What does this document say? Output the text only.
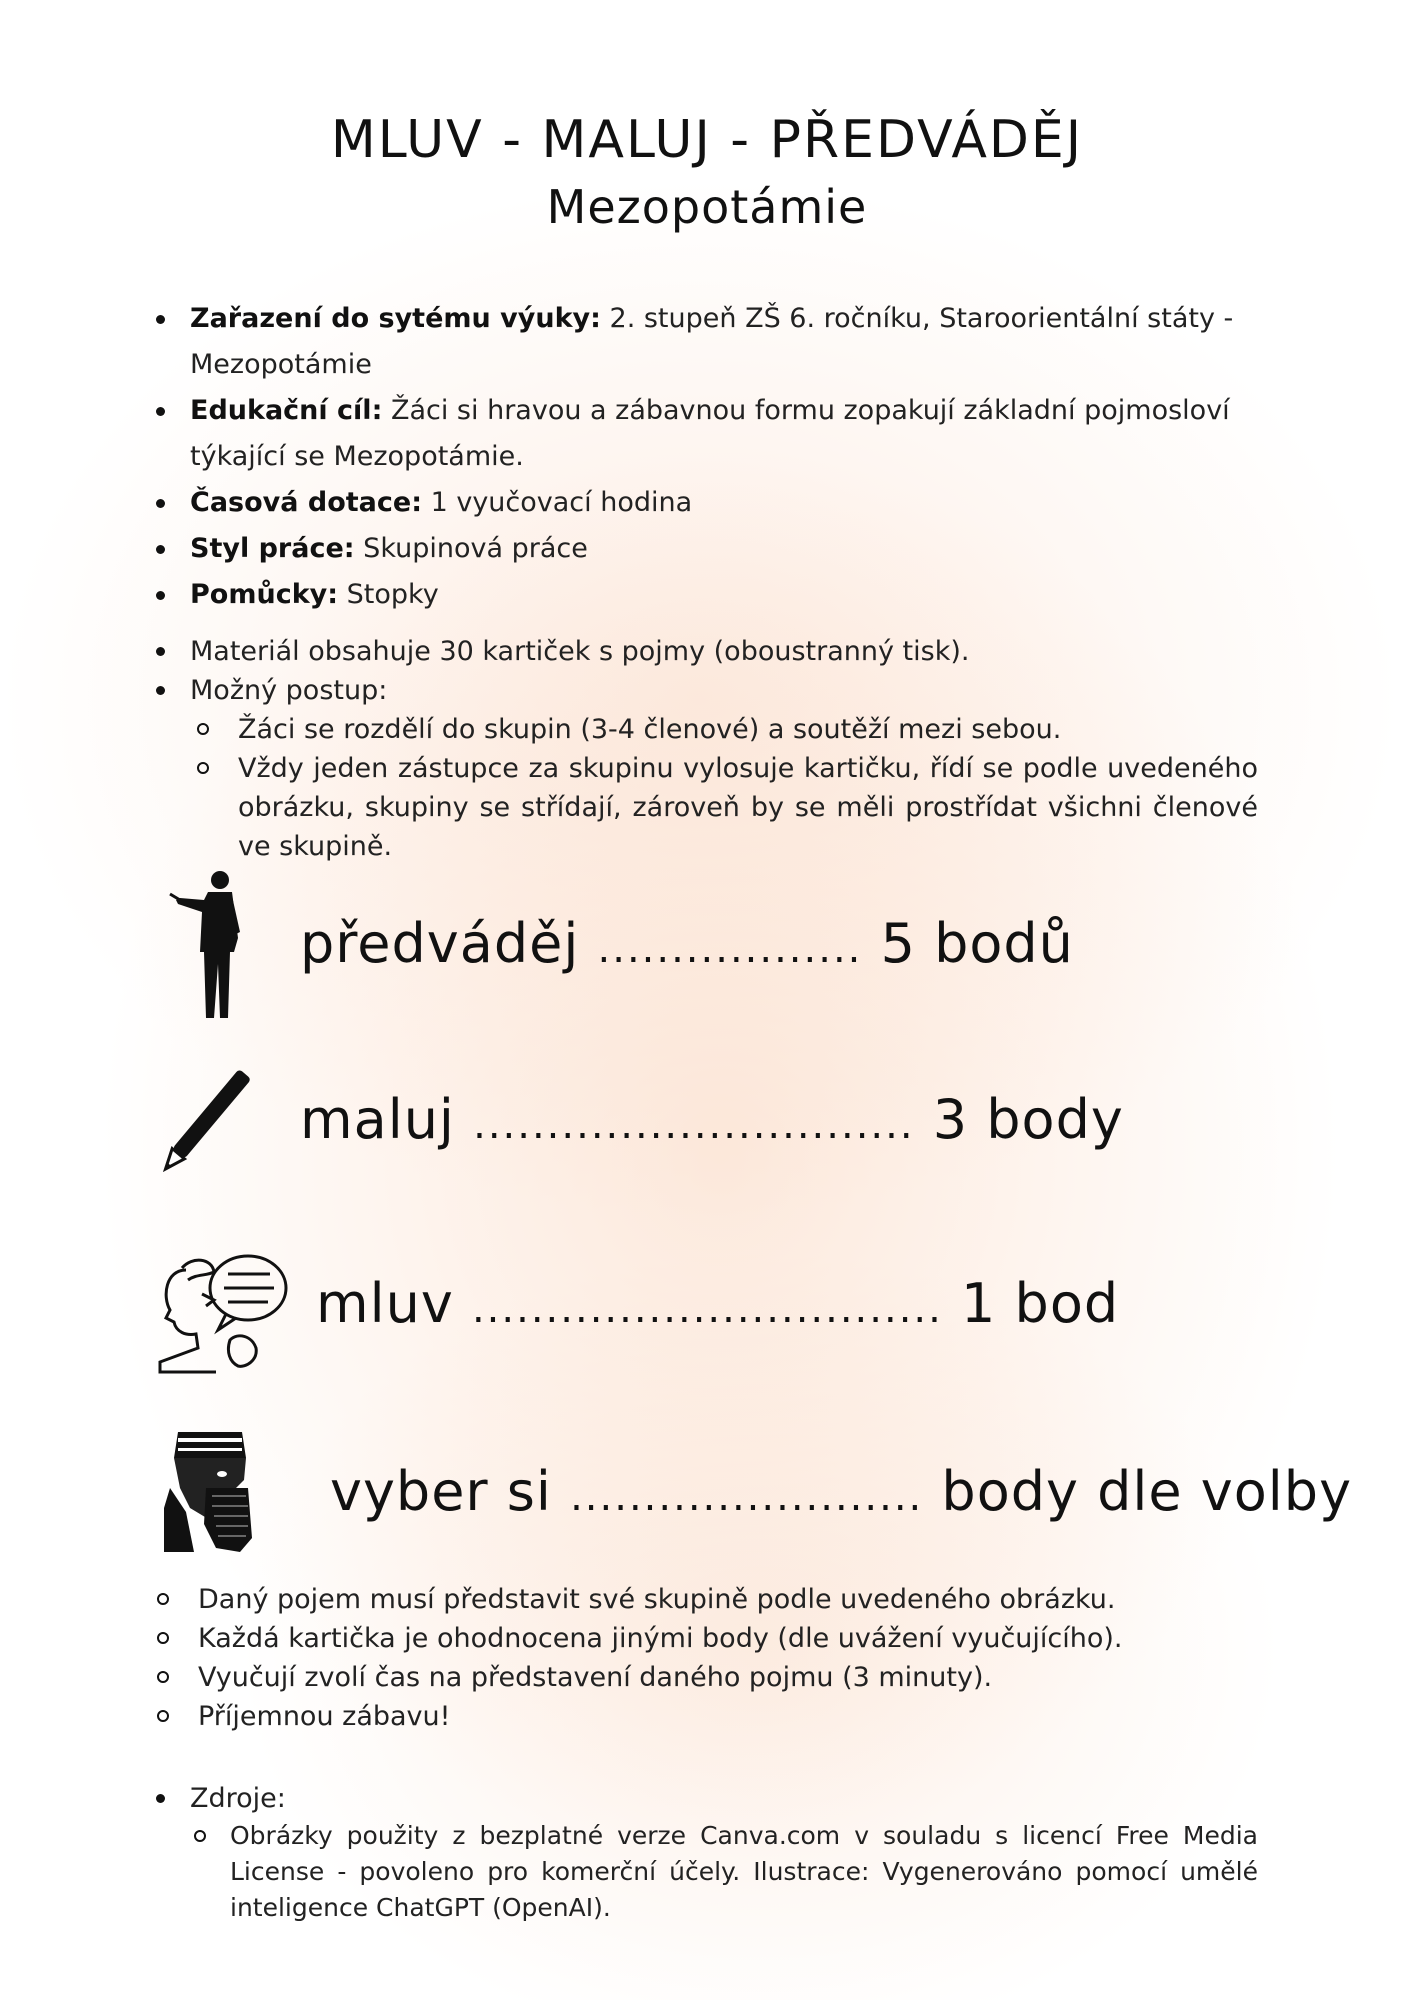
MLUV - MALUJ - PŘEDVÁDĚJ
Mezopotámie
Zařazení do sytému výuky: 2. stupeň ZŠ 6. ročníku, Staroorientální státy - Mezopotámie
Edukační cíl: Žáci si hravou a zábavnou formu zopakují základní pojmosloví týkající se Mezopotámie.
Časová dotace: 1 vyučovací hodina
Styl práce: Skupinová práce
Pomůcky: Stopky
Materiál obsahuje 30 kartiček s pojmy (oboustranný tisk).
Možný postup:
Žáci se rozdělí do skupin (3-4 členové) a soutěží mezi sebou.
Vždy jeden zástupce za skupinu vylosuje kartičku, řídí se podle uvedeného obrázku, skupiny se střídají, zároveň by se měli prostřídat všichni členové ve skupině.
předváděj .................. 5 bodů
maluj .............................. 3 body
mluv ................................ 1 bod
vyber si ........................ body dle volby
Daný pojem musí představit své skupině podle uvedeného obrázku.
Každá kartička je ohodnocena jinými body (dle uvážení vyučujícího).
Vyučují zvolí čas na představení daného pojmu (3 minuty).
Příjemnou zábavu!
Zdroje:
Obrázky použity z bezplatné verze Canva.com v souladu s licencí Free Media License - povoleno pro komerční účely. Ilustrace: Vygenerováno pomocí umělé inteligence ChatGPT (OpenAI).
